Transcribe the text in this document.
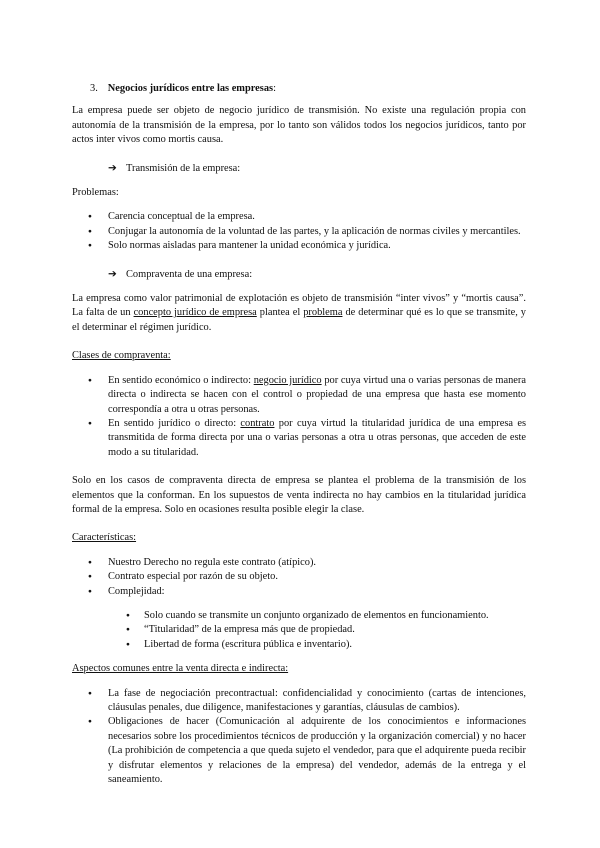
3. Negocios jurídicos entre las empresas:

La empresa puede ser objeto de negocio jurídico de transmisión. No existe una regulación propia con autonomía de la transmisión de la empresa, por lo tanto son válidos todos los negocios jurídicos, tanto por actos inter vivos como mortis causa.

➔ Transmisión de la empresa:

Problemas:

● Carencia conceptual de la empresa.
● Conjugar la autonomía de la voluntad de las partes, y la aplicación de normas civiles y mercantiles.
● Solo normas aisladas para mantener la unidad económica y jurídica.

➔ Compraventa de una empresa:

La empresa como valor patrimonial de explotación es objeto de transmisión “inter vivos” y “mortis causa”. La falta de un concepto jurídico de empresa plantea el problema de determinar qué es lo que se transmite, y el determinar el régimen jurídico.

Clases de compraventa:

● En sentido económico o indirecto: negocio jurídico por cuya virtud una o varias personas de manera directa o indirecta se hacen con el control o propiedad de una empresa que hasta ese momento correspondía a otra u otras personas.
● En sentido jurídico o directo: contrato por cuya virtud la titularidad jurídica de una empresa es transmitida de forma directa por una o varias personas a otra u otras personas, que acceden de este modo a su titularidad.

Solo en los casos de compraventa directa de empresa se plantea el problema de la transmisión de los elementos que la conforman. En los supuestos de venta indirecta no hay cambios en la titularidad jurídica formal de la empresa. Solo en ocasiones resulta posible elegir la clase.

Características:

● Nuestro Derecho no regula este contrato (atípico).
● Contrato especial por razón de su objeto.
● Complejidad:
● Solo cuando se transmite un conjunto organizado de elementos en funcionamiento.
● “Titularidad” de la empresa más que de propiedad.
● Libertad de forma (escritura pública e inventario).

Aspectos comunes entre la venta directa e indirecta:

● La fase de negociación precontractual: confidencialidad y conocimiento (cartas de intenciones, cláusulas penales, due diligence, manifestaciones y garantías, cláusulas de cambios).
● Obligaciones de hacer (Comunicación al adquirente de los conocimientos e informaciones necesarios sobre los procedimientos técnicos de producción y la organización comercial) y no hacer (La prohibición de competencia a que queda sujeto el vendedor, para que el adquirente pueda recibir y disfrutar elementos y relaciones de la empresa) del vendedor, además de la entrega y el saneamiento.
